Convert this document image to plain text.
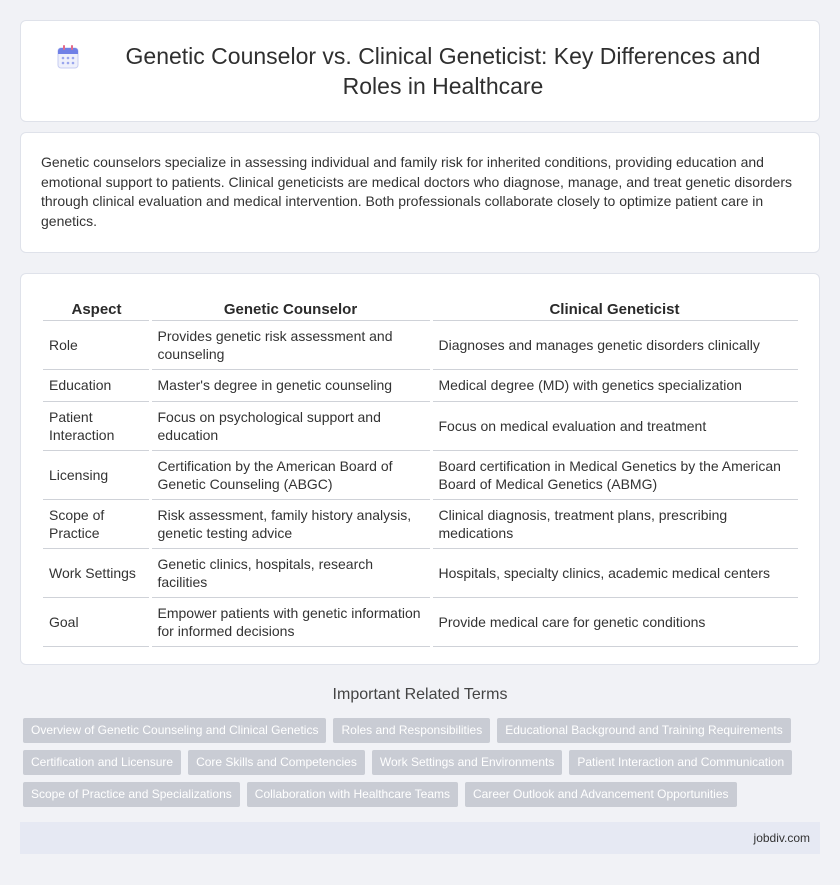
Genetic Counselor vs. Clinical Geneticist: Key Differences and Roles in Healthcare

Genetic counselors specialize in assessing individual and family risk for inherited conditions, providing education and emotional support to patients. Clinical geneticists are medical doctors who diagnose, manage, and treat genetic disorders through clinical evaluation and medical intervention. Both professionals collaborate closely to optimize patient care in genetics.

Aspect	Genetic Counselor	Clinical Geneticist
Role	Provides genetic risk assessment and counseling	Diagnoses and manages genetic disorders clinically
Education	Master's degree in genetic counseling	Medical degree (MD) with genetics specialization
Patient Interaction	Focus on psychological support and education	Focus on medical evaluation and treatment
Licensing	Certification by the American Board of Genetic Counseling (ABGC)	Board certification in Medical Genetics by the American Board of Medical Genetics (ABMG)
Scope of Practice	Risk assessment, family history analysis, genetic testing advice	Clinical diagnosis, treatment plans, prescribing medications
Work Settings	Genetic clinics, hospitals, research facilities	Hospitals, specialty clinics, academic medical centers
Goal	Empower patients with genetic information for informed decisions	Provide medical care for genetic conditions
Important Related Terms
Overview of Genetic Counseling and Clinical Genetics	Roles and Responsibilities	Educational Background and Training Requirements
Certification and Licensure	Core Skills and Competencies	Work Settings and Environments	Patient Interaction and Communication
Scope of Practice and Specializations	Collaboration with Healthcare Teams	Career Outlook and Advancement Opportunities
jobdiv.com
